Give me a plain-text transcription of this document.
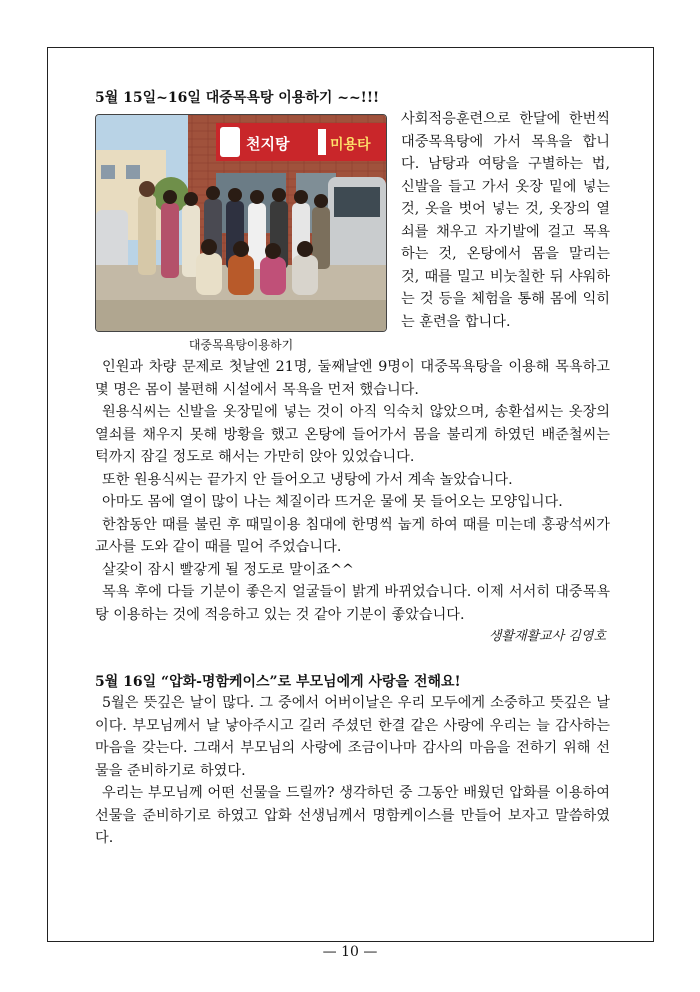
5월 15일~16일 대중목욕탕 이용하기 ~~!!!

천지탕	미용타
대중목욕탕이용하기
사회적응훈련으로 한달에 한번씩 대중목욕탕에 가서 목욕을 합니다. 남탕과 여탕을 구별하는 법, 신발을 들고 가서 옷장 밑에 넣는 것, 옷을 벗어 넣는 것, 옷장의 열쇠를 채우고 자기발에 걸고 목욕하는 것, 온탕에서 몸을 말리는 것, 때를 밀고 비눗칠한 뒤 샤워하는 것 등을 체험을 통해 몸에 익히는 훈련을 합니다.

인원과 차량 문제로 첫날엔 21명, 둘째날엔 9명이 대중목욕탕을 이용해 목욕하고 몇 명은 몸이 불편해 시설에서 목욕을 먼저 했습니다.

원용식씨는 신발을 옷장밑에 넣는 것이 아직 익숙치 않았으며, 송환섭씨는 옷장의 열쇠를 채우지 못해 방황을 했고 온탕에 들어가서 몸을 불리게 하였던 배준철씨는 턱까지 잠길 정도로 해서는 가만히 앉아 있었습니다.

또한 원용식씨는 끝가지 안 들어오고 냉탕에 가서 계속 놀았습니다.

아마도 몸에 열이 많이 나는 체질이라 뜨거운 물에 못 들어오는 모양입니다.

한참동안 때를 불린 후 때밀이용 침대에 한명씩 눕게 하여 때를 미는데 홍광석씨가 교사를 도와 같이 때를 밀어 주었습니다.

살갗이 잠시 빨갛게 될 정도로 말이죠^^

목욕 후에 다들 기분이 좋은지 얼굴들이 밝게 바뀌었습니다. 이제 서서히 대중목욕탕 이용하는 것에 적응하고 있는 것 같아 기분이 좋았습니다.

생활재활교사 김영호

5월 16일 “압화-명함케이스”로 부모님에게 사랑을 전해요!

5월은 뜻깊은 날이 많다. 그 중에서 어버이날은 우리 모두에게 소중하고 뜻깊은 날이다. 부모님께서 날 낳아주시고 길러 주셨던 한결 같은 사랑에 우리는 늘 감사하는 마음을 갖는다. 그래서 부모님의 사랑에 조금이나마 감사의 마음을 전하기 위해 선물을 준비하기로 하였다.

우리는 부모님께 어떤 선물을 드릴까? 생각하던 중 그동안 배웠던 압화를 이용하여 선물을 준비하기로 하였고 압화 선생님께서 명함케이스를 만들어 보자고 말씀하였다.

— 10 —
